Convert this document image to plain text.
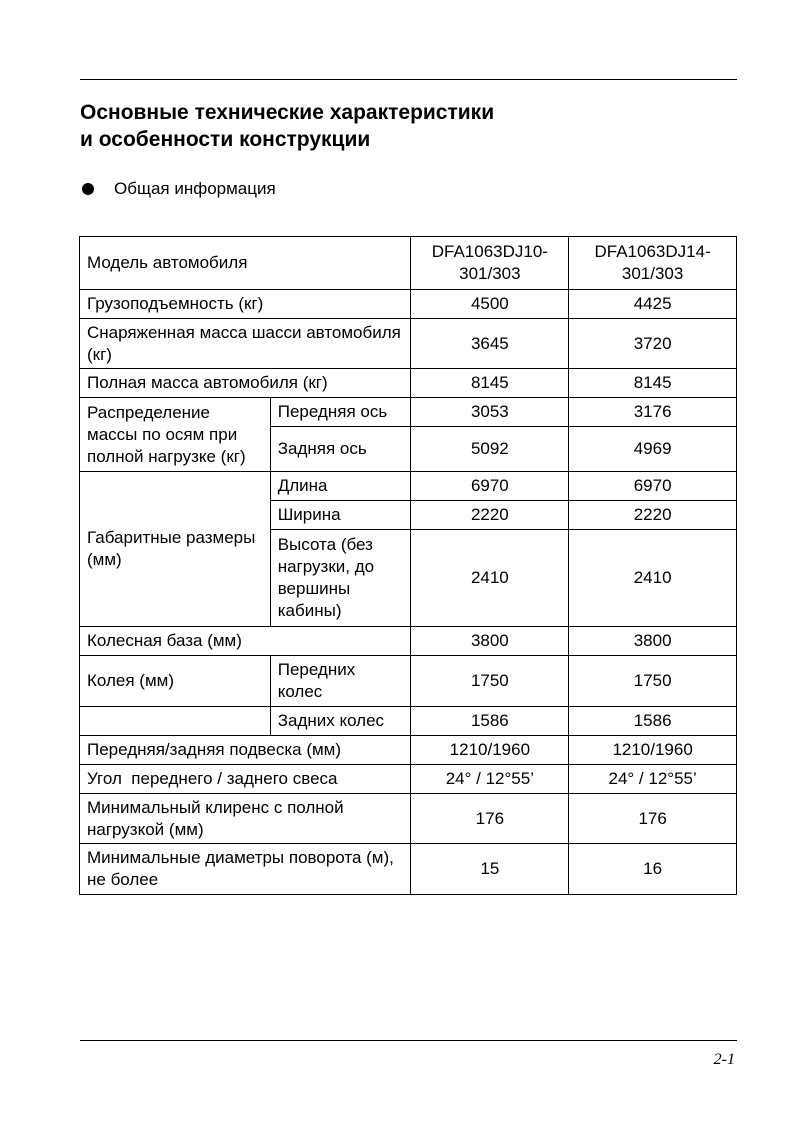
Основные технические характеристики
и особенности конструкции
Общая информация
Модель автомобиля		DFA1063DJ10-301/303	DFA1063DJ14-301/303
Грузоподъемность (кг)		4500	4425
Снаряженная масса шасси автомобиля (кг)		3645	3720
Полная масса автомобиля (кг)		8145	8145
Распределение массы по осям при полной нагрузке (кг)	Передняя ось	3053	3176
	Задняя ось	5092	4969
Габаритные размеры (мм)	Длина	6970	6970
	Ширина	2220	2220
	Высота (без нагрузки, до вершины кабины)	2410	2410
Колесная база (мм)		3800	3800
Колея (мм)	Передних колес	1750	1750
	Задних колес	1586	1586
Передняя/задняя подвеска (мм)		1210/1960	1210/1960
Угол  переднего / заднего свеса		24° / 12°55’	24° / 12°55’
Минимальный клиренс с полной нагрузкой (мм)		176	176
Минимальные диаметры поворота (м), не более		15	16
2-1
